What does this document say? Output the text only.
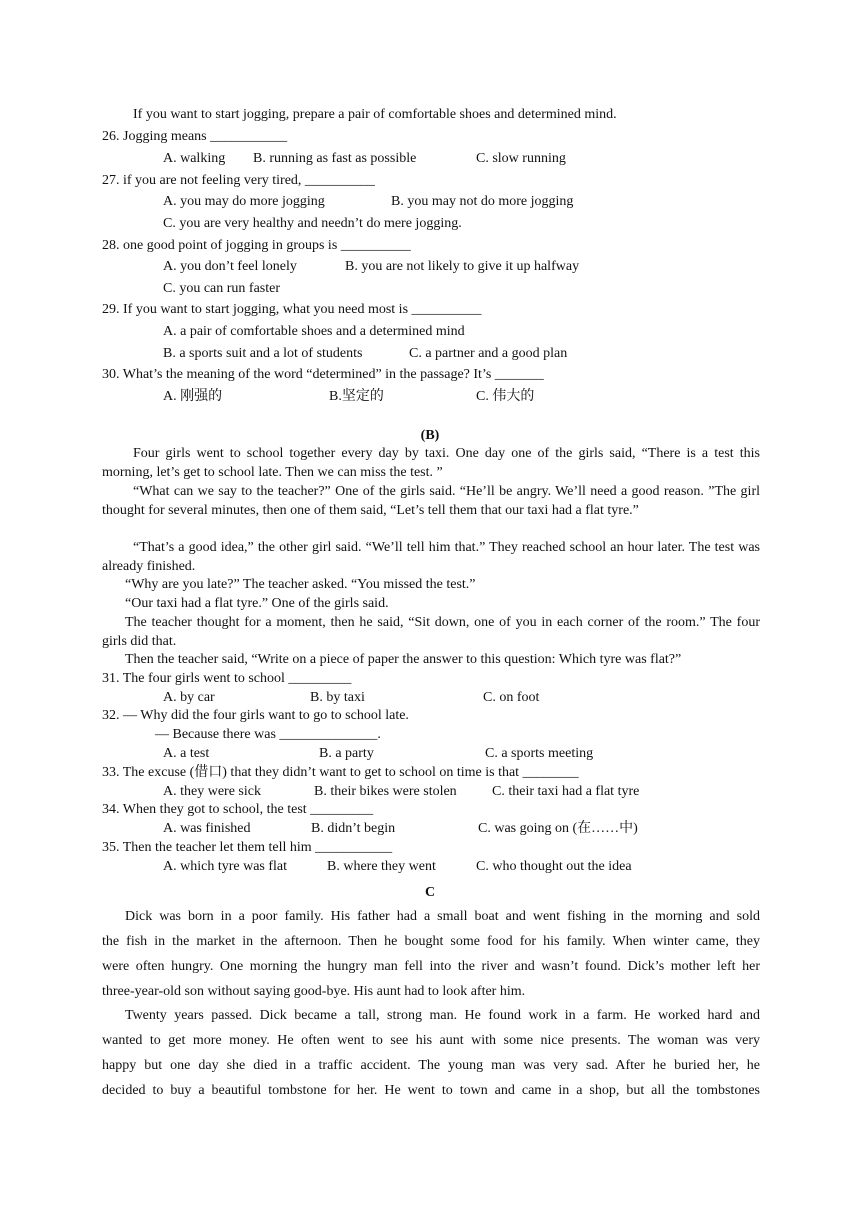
If you want to start jogging, prepare a pair of comfortable shoes and determined mind.
26. Jogging means ___________
A. walking B. running as fast as possible	C. slow running
27. if you are not feeling very tired, __________
A. you may do more jogging	B. you may not do more jogging
C. you are very healthy and needn’t do mere jogging.
28. one good point of jogging in groups is __________
A. you don’t feel lonely	B. you are not likely to give it up halfway
C. you can run faster
29. If you want to start jogging, what you need most is __________
A. a pair of comfortable shoes and a determined mind
B. a sports suit and a lot of students	C. a partner and a good plan
30. What’s the meaning of the word “determined” in the passage? It’s _______
A. 刚强的	B.坚定的	C. 伟大的
(B)
Four girls went to school together every day by taxi. One day one of the girls said, “There is a test this morning, let’s get to school late. Then we can miss the test. ”
“What can we say to the teacher?” One of the girls said. “He’ll be angry. We’ll need a good reason. ”The girl thought for several minutes, then one of them said, “Let’s tell them that our taxi had a flat tyre.”
“That’s a good idea,” the other girl said. “We’ll tell him that.” They reached school an hour later. The test was already finished.
“Why are you late?” The teacher asked. “You missed the test.”
“Our taxi had a flat tyre.” One of the girls said.
The teacher thought for a moment, then he said, “Sit down, one of you in each corner of the room.” The four girls did that.
Then the teacher said, “Write on a piece of paper the answer to this question: Which tyre was flat?”
31. The four girls went to school _________
A. by car	B. by taxi	C. on foot
32. — Why did the four girls want to go to school late.
— Because there was ______________.
A. a test	B. a party	C. a sports meeting
33. The excuse (借口) that they didn’t want to get to school on time is that ________
A. they were sick	B. their bikes were stolen	C. their taxi had a flat tyre
34. When they got to school, the test _________
A. was finished	B. didn’t begin	C. was going on (在……中)
35. Then the teacher let them tell him ___________
A. which tyre was flat	B. where they went	C. who thought out the idea
C
Dick was born in a poor family. His father had a small boat and went fishing in the morning and sold
the fish in the market in the afternoon. Then he bought some food for his family. When winter came, they
were often hungry. One morning the hungry man fell into the river and wasn’t found. Dick’s mother left her
three-year-old son without saying good-bye. His aunt had to look after him.
Twenty years passed. Dick became a tall, strong man. He found work in a farm. He worked hard and
wanted to get more money. He often went to see his aunt with some nice presents. The woman was very
happy but one day she died in a traffic accident. The young man was very sad. After he buried her, he
decided to buy a beautiful tombstone for her. He went to town and came in a shop, but all the tombstones
